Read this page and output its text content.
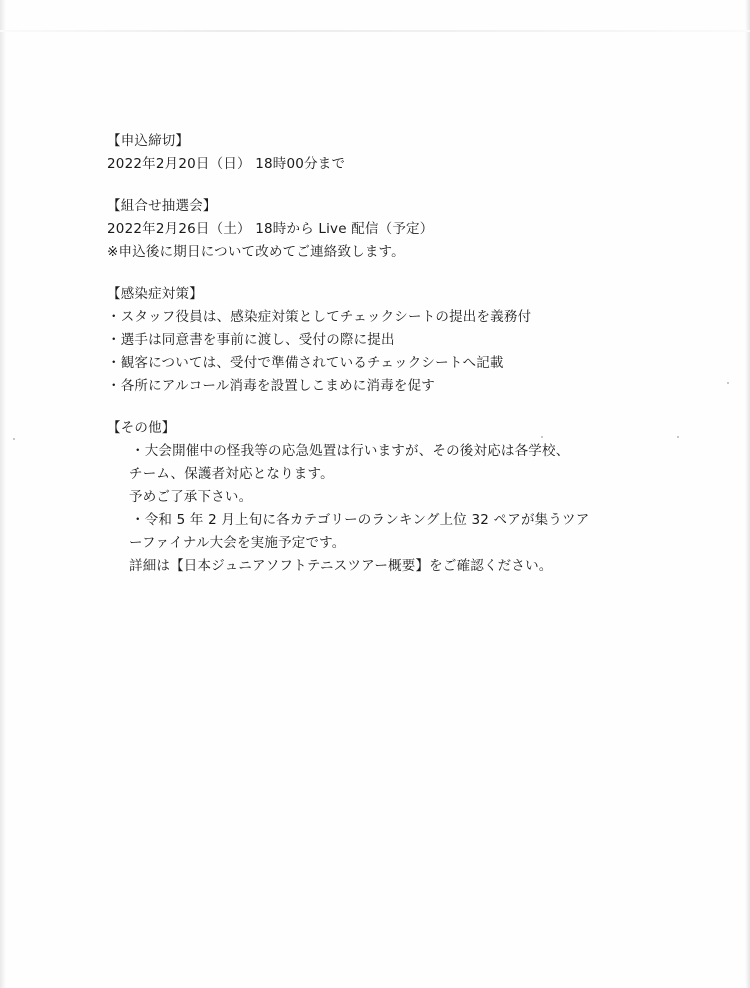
【申込締切】
2022年2月20日（日） 18時00分まで
【組合せ抽選会】
2022年2月26日（土） 18時から Live 配信（予定）
※申込後に期日について改めてご連絡致します。
【感染症対策】
・スタッフ役員は、感染症対策としてチェックシートの提出を義務付
・選手は同意書を事前に渡し、受付の際に提出
・観客については、受付で準備されているチェックシートへ記載
・各所にアルコール消毒を設置しこまめに消毒を促す
【その他】
・大会開催中の怪我等の応急処置は行いますが、その後対応は各学校、
チーム、保護者対応となります。
予めご了承下さい。
・令和 5 年 2 月上旬に各カテゴリーのランキング上位 32 ペアが集うツア
ーファイナル大会を実施予定です。
詳細は【日本ジュニアソフトテニスツアー概要】をご確認ください。
